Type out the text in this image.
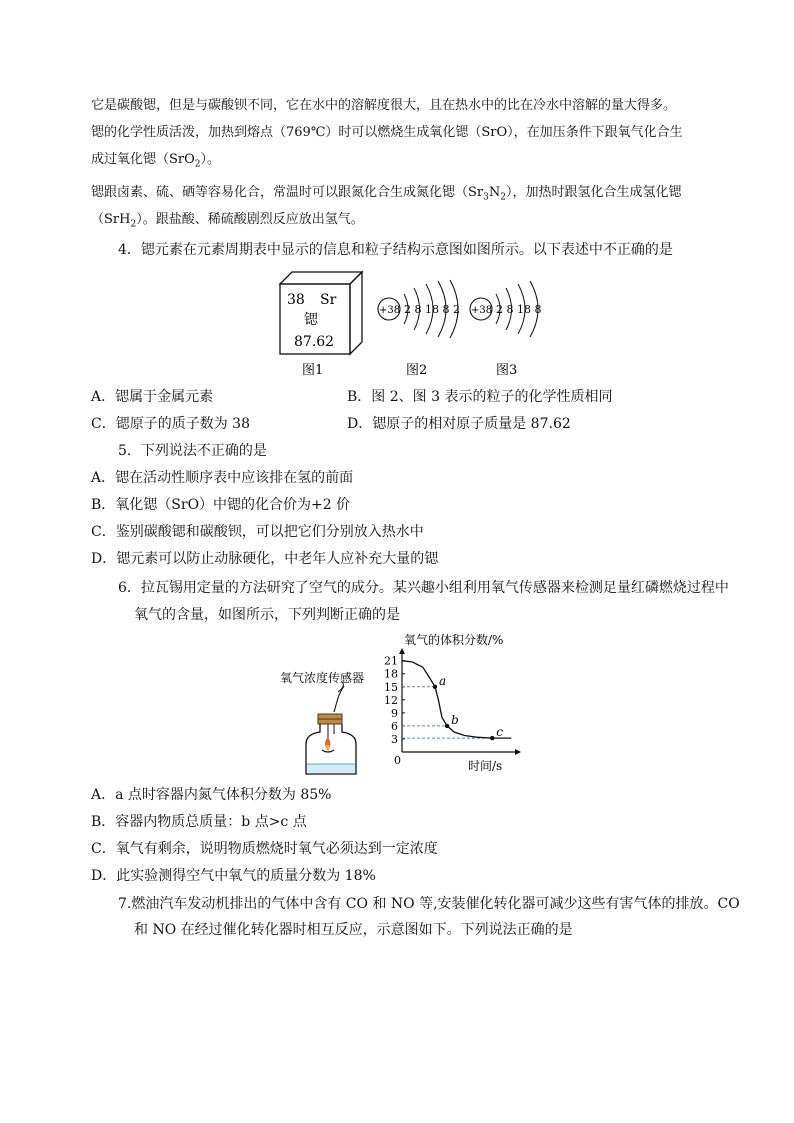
它是碳酸锶，但是与碳酸钡不同，它在水中的溶解度很大，且在热水中的比在冷水中溶解的量大得多。
锶的化学性质活泼，加热到熔点（769℃）时可以燃烧生成氧化锶（SrO），在加压条件下跟氧气化合生
成过氧化锶（SrO$_2$）。
锶跟卤素、硫、硒等容易化合，常温时可以跟氮化合生成氮化锶$(Sr_3N_2)$，加热时跟氢化合生成氢化锶
（SrH$_2$）。跟盐酸、稀硫酸剧烈反应放出氢气。
4．锶元素在元素周期表中显示的信息和粒子结构示意图如图所示。以下表述中不正确的是
38 Sr
锶
87.62
+38 2 8 18 8 2 +38 2 8 18 8
图1	图2	图3
A．锶属于金属元素	B．图 2、图 3 表示的粒子的化学性质相同
C．锶原子的质子数为 38	D．锶原子的相对原子质量是 87.62
5．下列说法不正确的是
A．锶在活动性顺序表中应该排在氢的前面
B．氧化锶（SrO）中锶的化合价为+2 价
C．鉴别碳酸锶和碳酸钡，可以把它们分别放入热水中
D．锶元素可以防止动脉硬化，中老年人应补充大量的锶
6．拉瓦锡用定量的方法研究了空气的成分。某兴趣小组利用氧气传感器来检测足量红磷燃烧过程中
氧气的含量，如图所示，下列判断正确的是
氧气浓度传感器
氧气的体积分数/%
3
6
9
12
15
18
21
a
b
c
0	时间/s
A．a 点时容器内氮气体积分数为 85%
B．容器内物质总质量：b 点>c 点
C．氧气有剩余，说明物质燃烧时氧气必须达到一定浓度
D．此实验测得空气中氧气的质量分数为 18%
7.燃油汽车发动机排出的气体中含有 CO 和 NO 等,安装催化转化器可减少这些有害气体的排放。CO
和 NO 在经过催化转化器时相互反应，示意图如下。下列说法正确的是
